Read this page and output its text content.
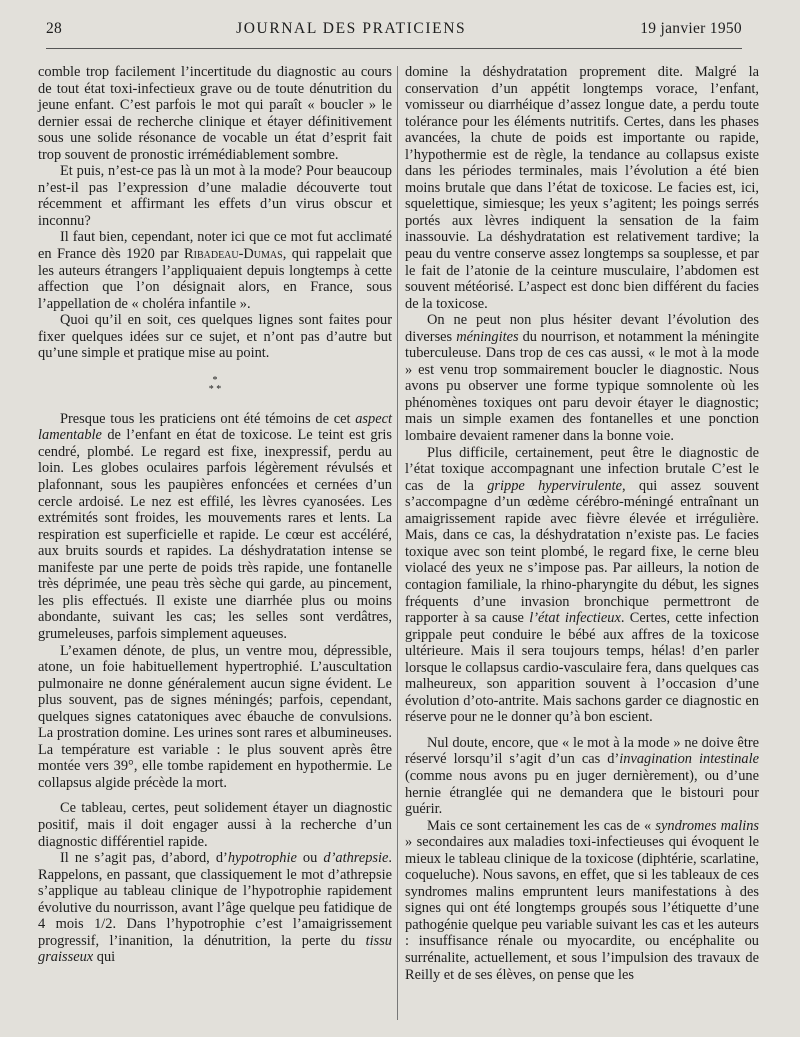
28	JOURNAL DES PRATICIENS	19 janvier 1950

comble trop facilement l’incertitude du diagnostic au cours de tout état toxi-infectieux grave ou de toute dénutrition du jeune enfant. C’est parfois le mot qui paraît « boucler » le dernier essai de recherche clinique et étayer définitivement sous une solide résonance de vocable un état d’esprit fait trop souvent de pronostic irrémédiablement sombre.

Et puis, n’est-ce pas là un mot à la mode? Pour beaucoup n’est-il pas l’expression d’une maladie découverte tout récemment et affirmant les effets d’un virus obscur et inconnu?

Il faut bien, cependant, noter ici que ce mot fut acclimaté en France dès 1920 par Ribadeau-Dumas, qui rappelait que les auteurs étrangers l’appliquaient depuis longtemps à cette affection que l’on désignait alors, en France, sous l’appellation de « choléra infantile ».

Quoi qu’il en soit, ces quelques lignes sont faites pour fixer quelques idées sur ce sujet, et n’ont pas d’autre but qu’une simple et pratique mise au point.

*
* *

Presque tous les praticiens ont été témoins de cet aspect lamentable de l’enfant en état de toxicose. Le teint est gris cendré, plombé. Le regard est fixe, inexpressif, perdu au loin. Les globes oculaires parfois légèrement révulsés et plafonnant, sous les paupières enfoncées et cernées d’un cercle ardoisé. Le nez est effilé, les lèvres cyanosées. Les extrémités sont froides, les mouvements rares et lents. La respiration est superficielle et rapide. Le cœur est accéléré, aux bruits sourds et rapides. La déshydratation intense se manifeste par une perte de poids très rapide, une fontanelle très déprimée, une peau très sèche qui garde, au pincement, les plis effectués. Il existe une diarrhée plus ou moins abondante, suivant les cas; les selles sont verdâtres, grumeleuses, parfois simplement aqueuses.

L’examen dénote, de plus, un ventre mou, dépressible, atone, un foie habituellement hypertrophié. L’auscultation pulmonaire ne donne généralement aucun signe évident. Le plus souvent, pas de signes méningés; parfois, cependant, quelques signes catatoniques avec ébauche de convulsions. La prostration domine. Les urines sont rares et albumineuses. La température est variable : le plus souvent après être montée vers 39°, elle tombe rapidement en hypothermie. Le collapsus algide précède la mort.

Ce tableau, certes, peut solidement étayer un diagnostic positif, mais il doit engager aussi à la recherche d’un diagnostic différentiel rapide.

Il ne s’agit pas, d’abord, d’hypotrophie ou d’athrepsie. Rappelons, en passant, que classiquement le mot d’athrepsie s’applique au tableau clinique de l’hypotrophie rapidement évolutive du nourrisson, avant l’âge quelque peu fatidique de 4 mois 1/2. Dans l’hypotrophie c’est l’amaigrissement progressif, l’inanition, la dénutrition, la perte du tissu graisseux qui

domine la déshydratation proprement dite. Malgré la conservation d’un appétit longtemps vorace, l’enfant, vomisseur ou diarrhéique d’assez longue date, a perdu toute tolérance pour les éléments nutritifs. Certes, dans les phases avancées, la chute de poids est importante ou rapide, l’hypothermie est de règle, la tendance au collapsus existe dans les périodes terminales, mais l’évolution a été bien moins brutale que dans l’état de toxicose. Le facies est, ici, squelettique, simiesque; les yeux s’agitent; les poings serrés portés aux lèvres indiquent la sensation de la faim inassouvie. La déshydratation est relativement tardive; la peau du ventre conserve assez longtemps sa souplesse, et par le fait de l’atonie de la ceinture musculaire, l’abdomen est souvent météorisé. L’aspect est donc bien différent du facies de la toxicose.

On ne peut non plus hésiter devant l’évolution des diverses méningites du nourrison, et notamment la méningite tuberculeuse. Dans trop de ces cas aussi, « le mot à la mode » est venu trop sommairement boucler le diagnostic. Nous avons pu observer une forme typique somnolente où les phénomènes toxiques ont paru devoir étayer le diagnostic; mais un simple examen des fontanelles et une ponction lombaire devaient ramener dans la bonne voie.

Plus difficile, certainement, peut être le diagnostic de l’état toxique accompagnant une infection brutale C’est le cas de la grippe hypervirulente, qui assez souvent s’accompagne d’un œdème cérébro-méningé entraînant un amaigrissement rapide avec fièvre élevée et irrégulière. Mais, dans ce cas, la déshydratation n’existe pas. Le facies toxique avec son teint plombé, le regard fixe, le cerne bleu violacé des yeux ne s’impose pas. Par ailleurs, la notion de contagion familiale, la rhino-pharyngite du début, les signes fréquents d’une invasion bronchique permettront de rapporter à sa cause l’état infectieux. Certes, cette infection grippale peut conduire le bébé aux affres de la toxicose ultérieure. Mais il sera toujours temps, hélas! d’en parler lorsque le collapsus cardio-vasculaire fera, dans quelques cas malheureux, son apparition souvent à l’occasion d’une évolution d’oto-antrite. Mais sachons garder ce diagnostic en réserve pour ne le donner qu’à bon escient.

Nul doute, encore, que « le mot à la mode » ne doive être réservé lorsqu’il s’agit d’un cas d’invagination intestinale (comme nous avons pu en juger dernièrement), ou d’une hernie étranglée qui ne demandera que le bistouri pour guérir.

Mais ce sont certainement les cas de « syndromes malins » secondaires aux maladies toxi-infectieuses qui évoquent le mieux le tableau clinique de la toxicose (diphtérie, scarlatine, coqueluche). Nous savons, en effet, que si les tableaux de ces syndromes malins empruntent leurs manifestations à des signes qui ont été longtemps groupés sous l’étiquette d’une pathogénie quelque peu variable suivant les cas et les auteurs : insuffisance rénale ou myocardite, ou encéphalite ou surrénalite, actuellement, et sous l’impulsion des travaux de Reilly et de ses élèves, on pense que les
